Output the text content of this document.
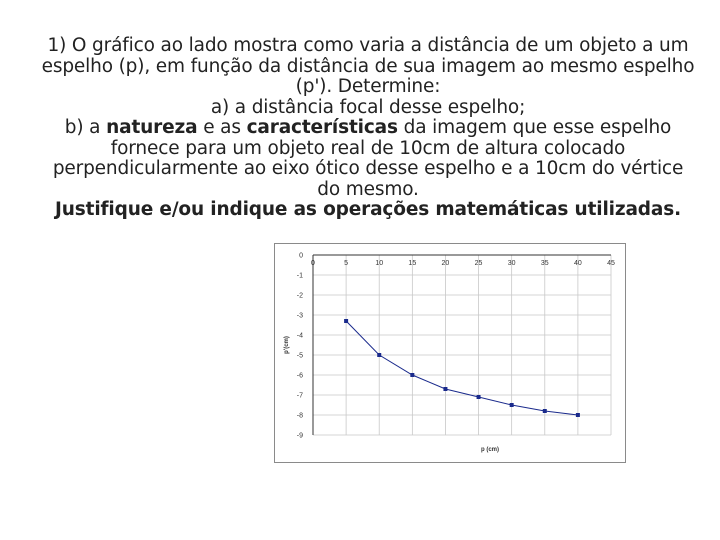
1) O gráfico ao lado mostra como varia a distância de um objeto a um espelho (p), em função da distância de sua imagem ao mesmo espelho (p'). Determine:

a) a distância focal desse espelho;

b) a natureza e as características da imagem que esse espelho fornece para um objeto real de 10cm de altura colocado perpendicularmente ao eixo ótico desse espelho e a 10cm do vértice do mesmo.

Justifique e/ou indique as operações matemáticas utilizadas.

0	5	10	15	20	25	30	35	40	45
0
-1
-2
-3
-4
-5
-6
-7
-8
-9
p (cm)
p'(cm)
